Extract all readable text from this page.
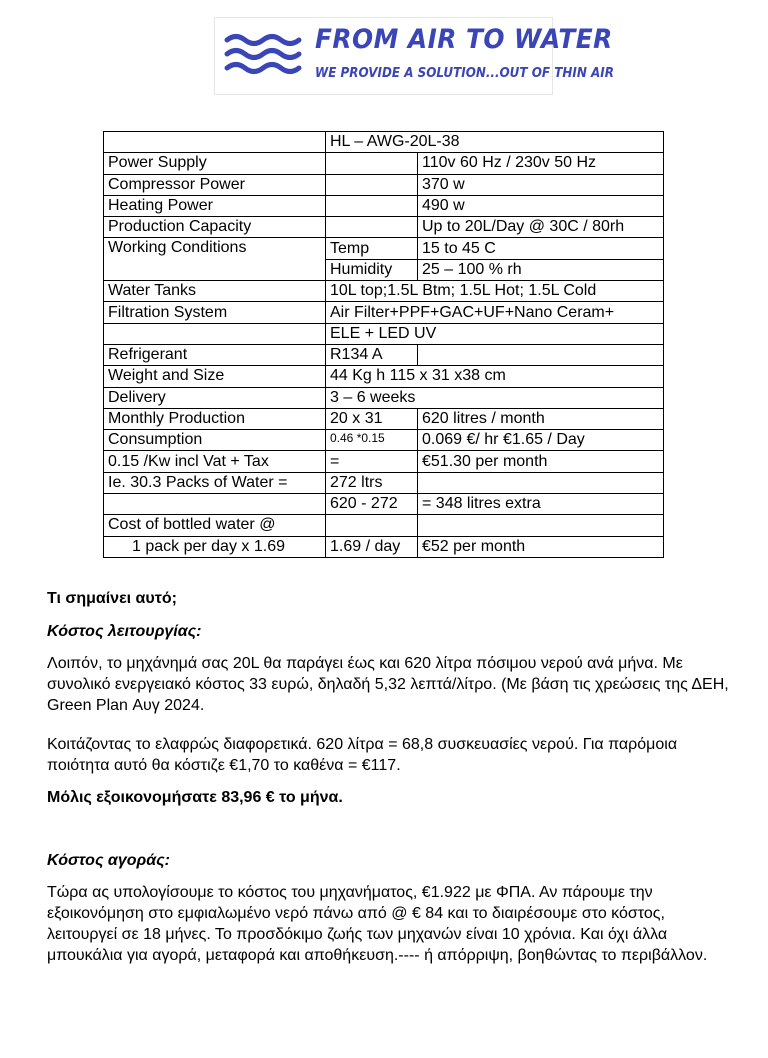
FROM AIR TO WATER
WE PROVIDE A SOLUTION...OUT OF THIN AIR
	HL – AWG-20L-38	
Power Supply		110v 60 Hz / 230v 50 Hz
Compressor Power		370 w
Heating Power		490 w
Production Capacity		Up to 20L/Day @ 30C / 80rh
Working Conditions	Temp	15 to 45 C
	Humidity	25 – 100 % rh
Water Tanks	10L top;1.5L Btm; 1.5L Hot; 1.5L Cold	
Filtration System	Air Filter+PPF+GAC+UF+Nano Ceram+	
	ELE + LED UV	
Refrigerant	R134 A	
Weight and Size	44 Kg h 115 x 31 x38 cm	
Delivery	3 – 6 weeks	
Monthly Production	20 x 31	620 litres / month
Consumption	0.46 *0.15	0.069 €/ hr €1.65 / Day
0.15 /Kw incl Vat + Tax	=	€51.30 per month
Ie. 30.3 Packs of Water =	272 ltrs	
	620 - 272	= 348 litres extra
Cost of bottled water @		
1 pack per day x 1.69	1.69 / day	€52 per month
Τι σημαίνει αυτό;
Κόστος λειτουργίας:
Λοιπόν, το μηχάνημά σας 20L θα παράγει έως και 620 λίτρα πόσιμου νερού ανά μήνα. Με συνολικό ενεργειακό κόστος 33 ευρώ, δηλαδή 5,32 λεπτά/λίτρο. (Με βάση τις χρεώσεις της ΔΕΗ, Green Plan Αυγ 2024.
Κοιτάζοντας το ελαφρώς διαφορετικά. 620 λίτρα = 68,8 συσκευασίες νερού. Για παρόμοια ποιότητα αυτό θα κόστιζε €1,70 το καθένα = €117.
Μόλις εξοικονομήσατε 83,96 € το μήνα.
Κόστος αγοράς:
Τώρα ας υπολογίσουμε το κόστος του μηχανήματος, €1.922 με ΦΠΑ. Αν πάρουμε την εξοικονόμηση στο εμφιαλωμένο νερό πάνω από @ € 84 και το διαιρέσουμε στο κόστος, λειτουργεί σε 18 μήνες. Το προσδόκιμο ζωής των μηχανών είναι 10 χρόνια. Και όχι άλλα μπουκάλια για αγορά, μεταφορά και αποθήκευση.---- ή απόρριψη, βοηθώντας το περιβάλλον.
